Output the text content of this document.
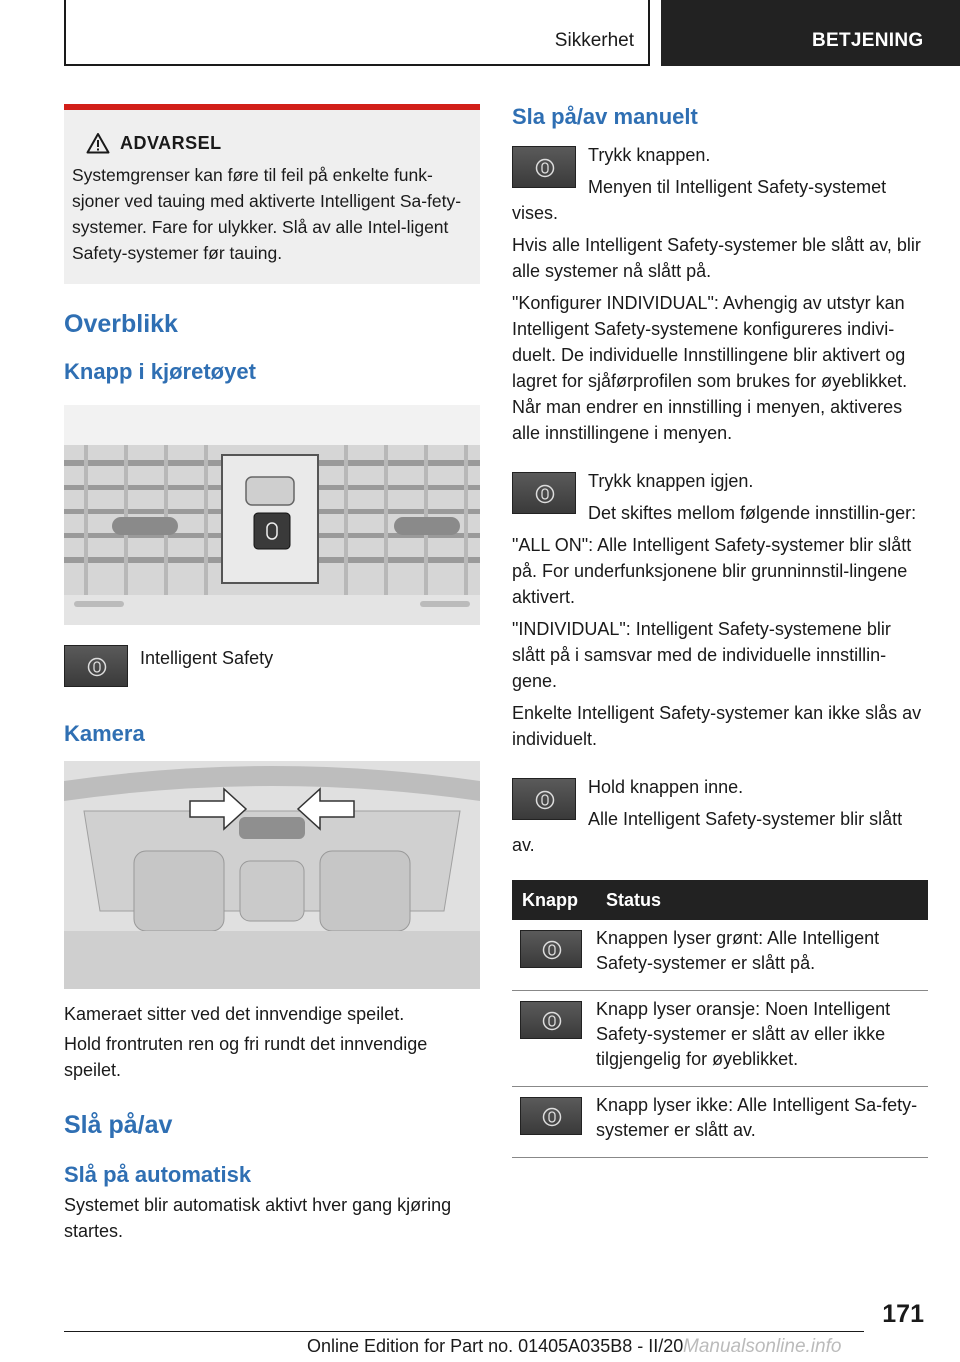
Sikkerhet	BETJENING
ADVARSEL

Systemgrenser kan føre til feil på enkelte funk-sjoner ved tauing med aktiverte Intelligent Sa-fety-systemer. Fare for ulykker. Slå av alle Intel-ligent Safety-systemer før tauing.

Overblikk
Knapp i kjøretøyet

Intelligent Safety

Kamera

Kameraet sitter ved det innvendige speilet.

Hold frontruten ren og fri rundt det innvendige speilet.

Slå på/av
Slå på automatisk

Systemet blir automatisk aktivt hver gang kjøring startes.

Sla på/av manuelt

Trykk knappen.

Menyen til Intelligent Safety-systemet vises.

Hvis alle Intelligent Safety-systemer ble slått av, blir alle systemer nå slått på.

"Konfigurer INDIVIDUAL": Avhengig av utstyr kan Intelligent Safety-systemene konfigureres indivi-duelt. De individuelle Innstillingene blir aktivert og lagret for sjåførprofilen som brukes for øyeblikket. Når man endrer en innstilling i menyen, aktiveres alle innstillingene i menyen.

Trykk knappen igjen.

Det skiftes mellom følgende innstillin-ger:

"ALL ON": Alle Intelligent Safety-systemer blir slått på. For underfunksjonene blir grunninnstil-lingene aktivert.

"INDIVIDUAL": Intelligent Safety-systemene blir slått på i samsvar med de individuelle innstillin-gene.

Enkelte Intelligent Safety-systemer kan ikke slås av individuelt.

Hold knappen inne.

Alle Intelligent Safety-systemer blir slått av.

Knapp	Status

	Knappen lyser grønt: Alle Intelligent Safety-systemer er slått på.

	Knapp lyser oransje: Noen Intelligent Safety-systemer er slått av eller ikke tilgjengelig for øyeblikket.

	Knapp lyser ikke: Alle Intelligent Sa-fety-systemer er slått av.
171
Online Edition for Part no. 01405A035B8 - II/20 Manualsonline.info
